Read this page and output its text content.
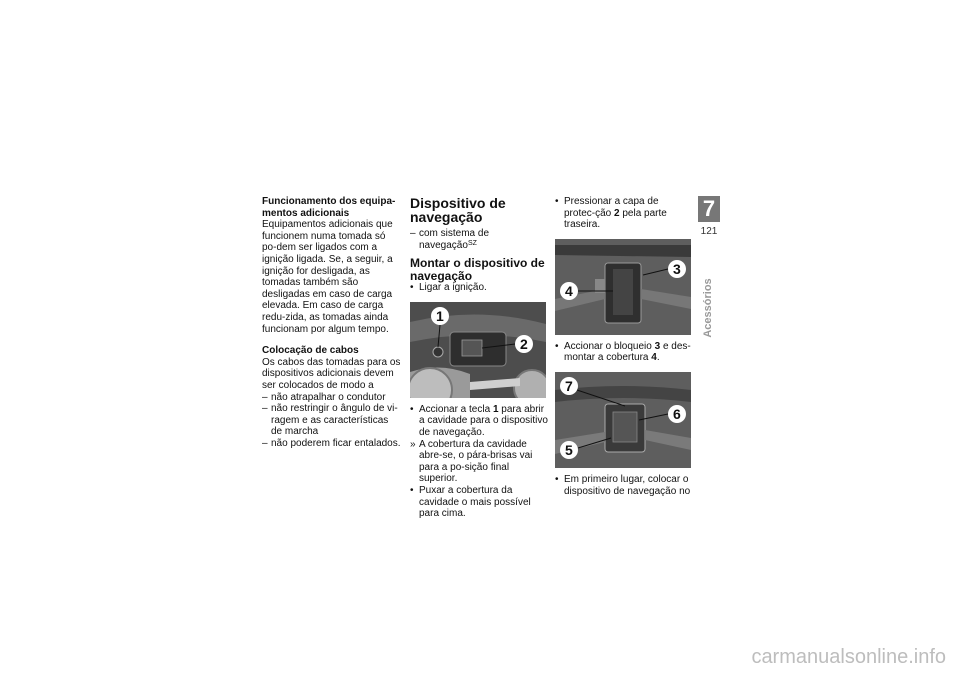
Funcionamento dos equipa-mentos adicionais
Equipamentos adicionais que funcionem numa tomada só po-dem ser ligados com a ignição ligada. Se, a seguir, a ignição for desligada, as tomadas também são desligadas em caso de carga elevada. Em caso de carga redu-zida, as tomadas ainda funcionam por algum tempo.
Colocação de cabos
Os cabos das tomadas para os dispositivos adicionais devem ser colocados de modo a
– não atrapalhar o condutor
– não restringir o ângulo de vi-ragem e as características de marcha
– não poderem ficar entalados.
Dispositivo de navegação
– com sistema de navegação$^{SZ}$
Montar o dispositivo de navegação
• Ligar a ignição.
1
2
• Accionar a tecla 1 para abrir a cavidade para o dispositivo de navegação.
» A cobertura da cavidade abre-se, o pára-brisas vai para a po-sição final superior.
• Puxar a cobertura da cavidade o mais possível para cima.
• Pressionar a capa de protec-ção 2 pela parte traseira.
3
4
• Accionar o bloqueio 3 e des-montar a cobertura 4.
7
6
5
• Em primeiro lugar, colocar o dispositivo de navegação no
7
121
Acessórios
carmanualsonline.info
